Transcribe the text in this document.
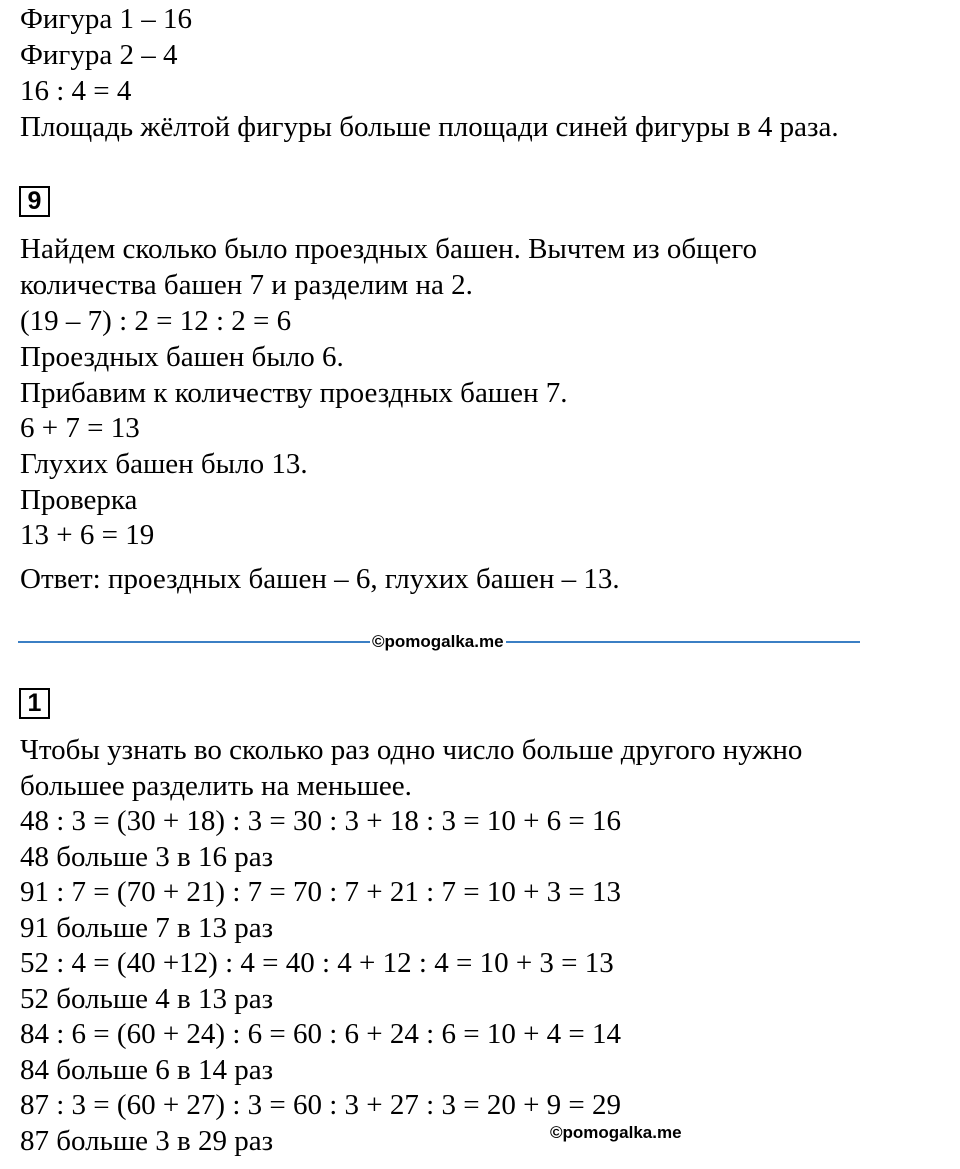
Фигура 1 – 16
Фигура 2 – 4
16 : 4 = 4
Площадь жёлтой фигуры больше площади синей фигуры в 4 раза.
9
Найдем сколько было проездных башен. Вычтем из общего
количества башен 7 и разделим на 2.
(19 – 7) : 2 = 12 : 2 = 6
Проездных башен было 6.
Прибавим к количеству проездных башен 7.
6 + 7 = 13
Глухих башен было 13.
Проверка
13 + 6 = 19
Ответ: проездных башен – 6, глухих башен – 13.
©pomogalka.me
1
Чтобы узнать во сколько раз одно число больше другого нужно
большее разделить на меньшее.
48 : 3 = (30 + 18) : 3 = 30 : 3 + 18 : 3 = 10 + 6 = 16
48 больше 3 в 16 раз
91 : 7 = (70 + 21) : 7 = 70 : 7 + 21 : 7 = 10 + 3 = 13
91 больше 7 в 13 раз
52 : 4 = (40 +12) : 4 = 40 : 4 + 12 : 4 = 10 + 3 = 13
52 больше 4 в 13 раз
84 : 6 = (60 + 24) : 6 = 60 : 6 + 24 : 6 = 10 + 4 = 14
84 больше 6 в 14 раз
87 : 3 = (60 + 27) : 3 = 60 : 3 + 27 : 3 = 20 + 9 = 29
87 больше 3 в 29 раз	©pomogalka.me
